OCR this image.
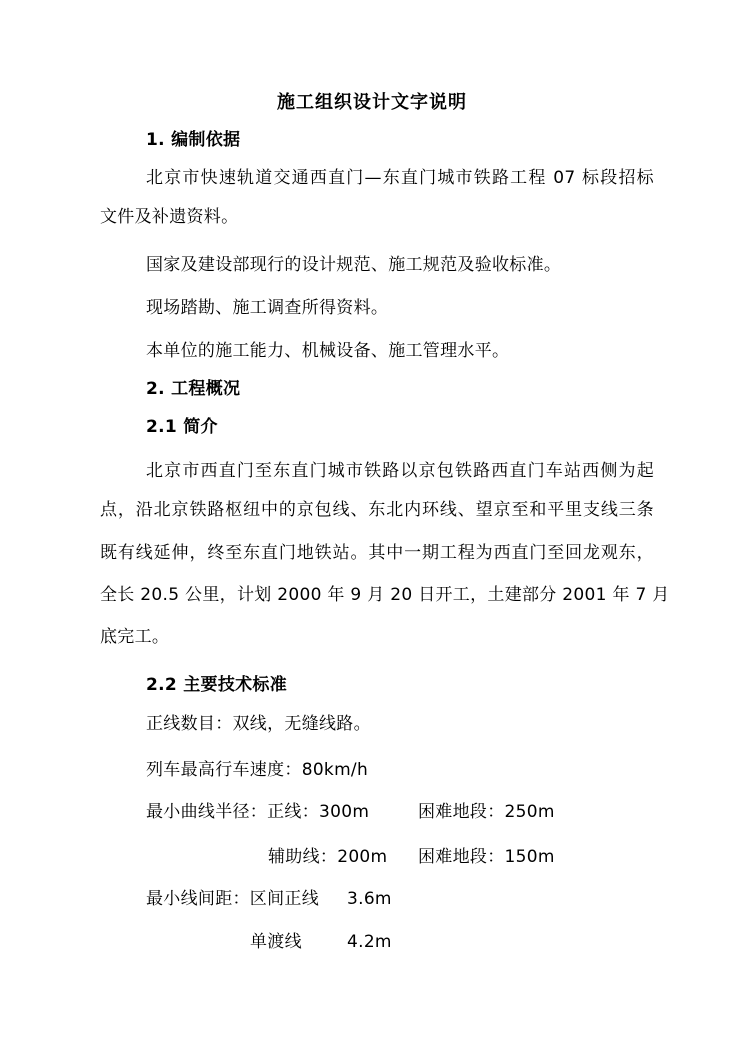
施工组织设计文字说明
1. 编制依据
北京市快速轨道交通西直门—东直门城市铁路工程 07 标段招标
文件及补遗资料。
国家及建设部现行的设计规范、施工规范及验收标准。
现场踏勘、施工调查所得资料。
本单位的施工能力、机械设备、施工管理水平。
2. 工程概况
2.1 简介
北京市西直门至东直门城市铁路以京包铁路西直门车站西侧为起
点，沿北京铁路枢纽中的京包线、东北内环线、望京至和平里支线三条
既有线延伸，终至东直门地铁站。其中一期工程为西直门至回龙观东，
全长 20.5 公里，计划 2000 年 9 月 20 日开工，土建部分 2001 年 7 月
底完工。
2.2 主要技术标准
正线数目：双线，无缝线路。
列车最高行车速度：80km/h
最小曲线半径：正线：300m	困难地段：250m
辅助线：200m 困难地段：150m
最小线间距：区间正线 3.6m
单渡线	4.2m
